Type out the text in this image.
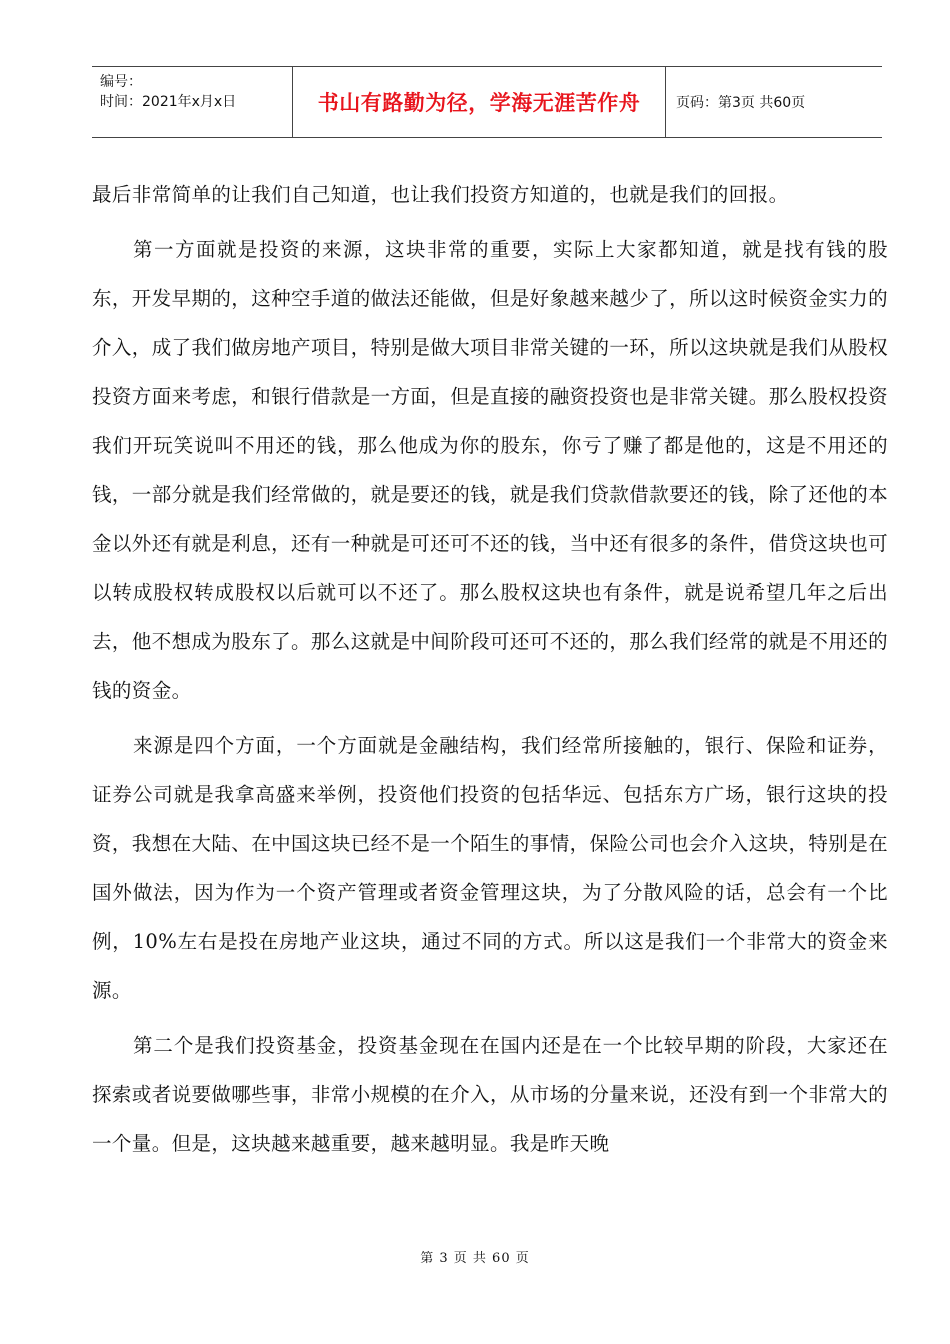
编号：
时间：2021年x月x日	书山有路勤为径，学海无涯苦作舟	页码：第3页 共60页

最后非常简单的让我们自己知道，也让我们投资方知道的，也就是我们的回报。

第一方面就是投资的来源，这块非常的重要，实际上大家都知道，就是找有钱的股东，开发早期的，这种空手道的做法还能做，但是好象越来越少了，所以这时候资金实力的介入，成了我们做房地产项目，特别是做大项目非常关键的一环，所以这块就是我们从股权投资方面来考虑，和银行借款是一方面，但是直接的融资投资也是非常关键。那么股权投资我们开玩笑说叫不用还的钱，那么他成为你的股东，你亏了赚了都是他的，这是不用还的钱，一部分就是我们经常做的，就是要还的钱，就是我们贷款借款要还的钱，除了还他的本金以外还有就是利息，还有一种就是可还可不还的钱，当中还有很多的条件，借贷这块也可以转成股权转成股权以后就可以不还了。那么股权这块也有条件，就是说希望几年之后出去，他不想成为股东了。那么这就是中间阶段可还可不还的，那么我们经常的就是不用还的钱的资金。

来源是四个方面，一个方面就是金融结构，我们经常所接触的，银行、保险和证券，证券公司就是我拿高盛来举例，投资他们投资的包括华远、包括东方广场，银行这块的投资，我想在大陆、在中国这块已经不是一个陌生的事情，保险公司也会介入这块，特别是在国外做法，因为作为一个资产管理或者资金管理这块，为了分散风险的话，总会有一个比例，10%左右是投在房地产业这块，通过不同的方式。所以这是我们一个非常大的资金来源。

第二个是我们投资基金，投资基金现在在国内还是在一个比较早期的阶段，大家还在探索或者说要做哪些事，非常小规模的在介入，从市场的分量来说，还没有到一个非常大的一个量。但是，这块越来越重要，越来越明显。我是昨天晚

第 3 页 共 60 页
